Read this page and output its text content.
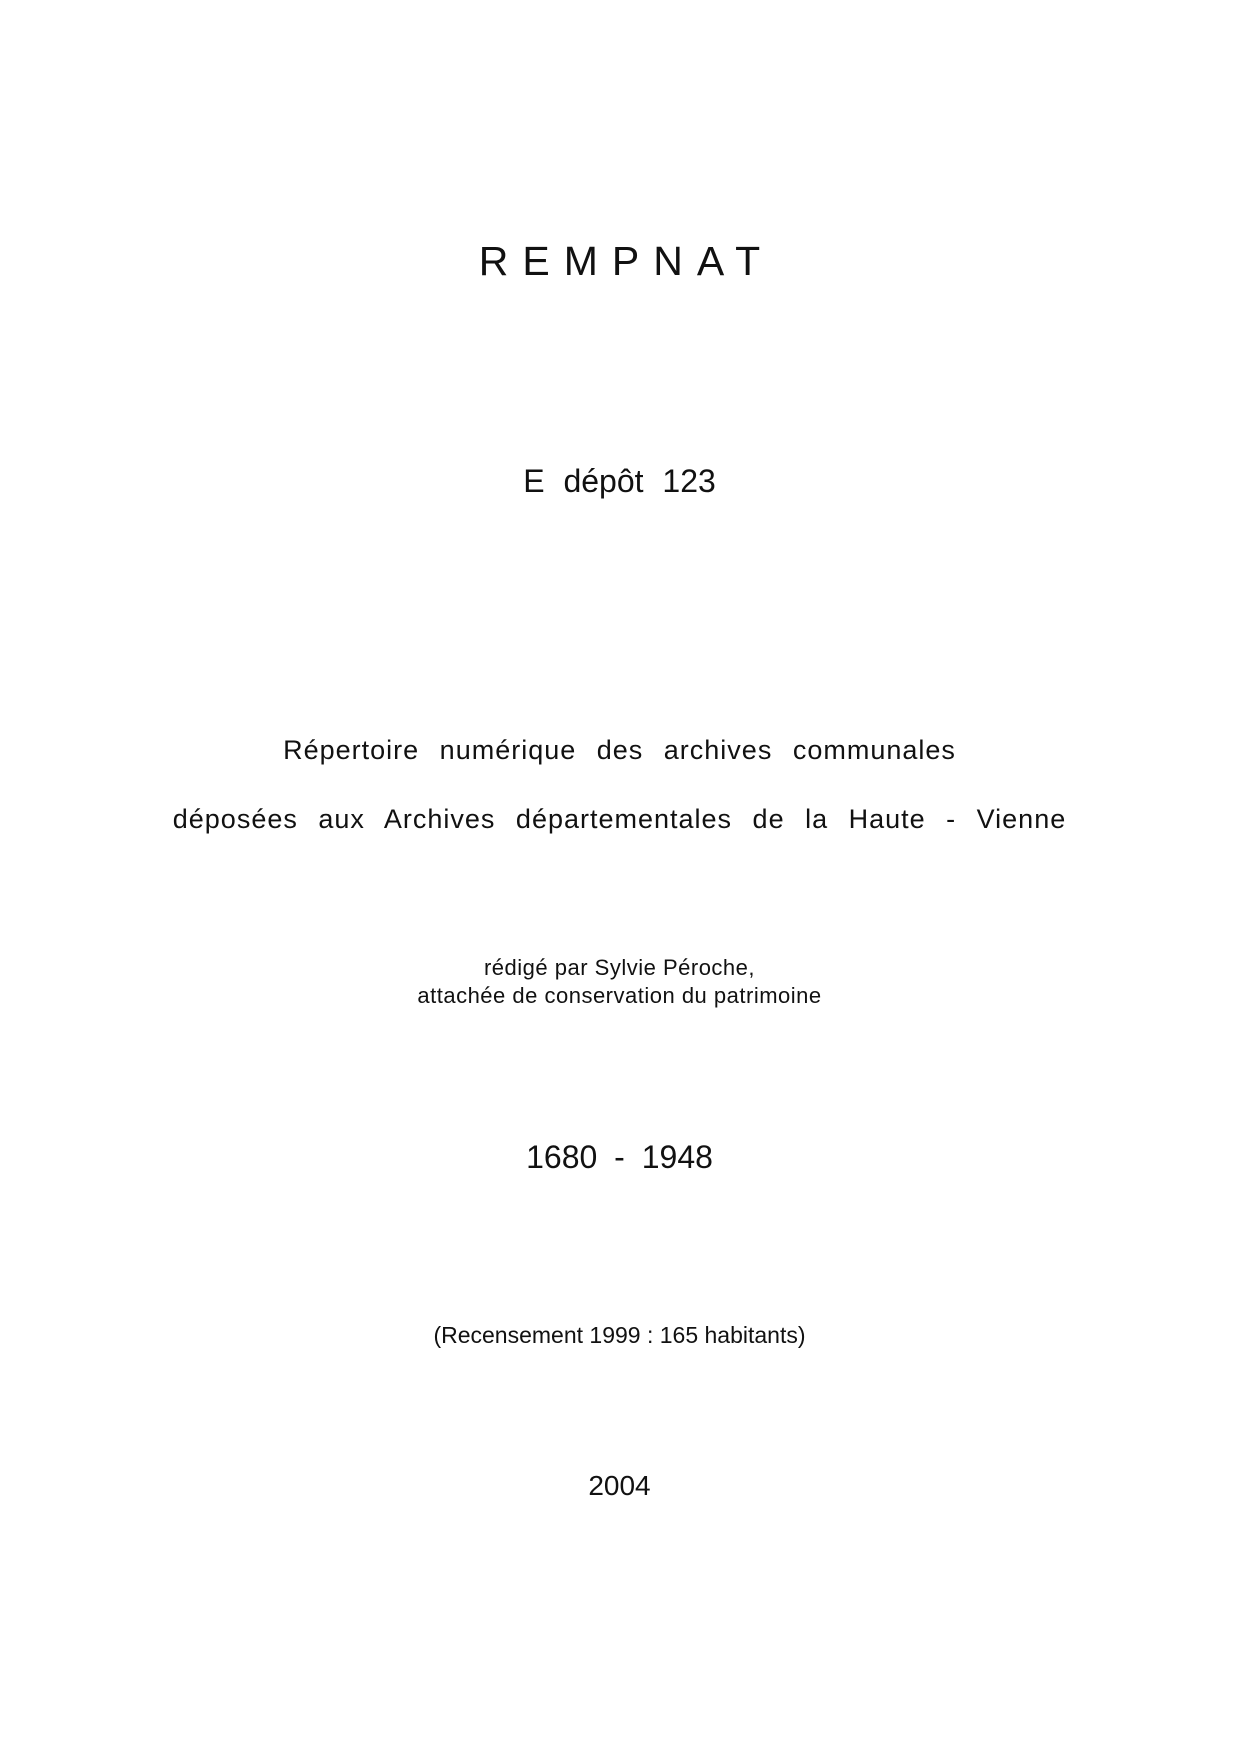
REMPNAT
E dépôt 123
Répertoire numérique des archives communales
déposées aux Archives départementales de la Haute - Vienne
rédigé par Sylvie Péroche,
attachée de conservation du patrimoine
1680 - 1948
(Recensement 1999 : 165 habitants)
2004
